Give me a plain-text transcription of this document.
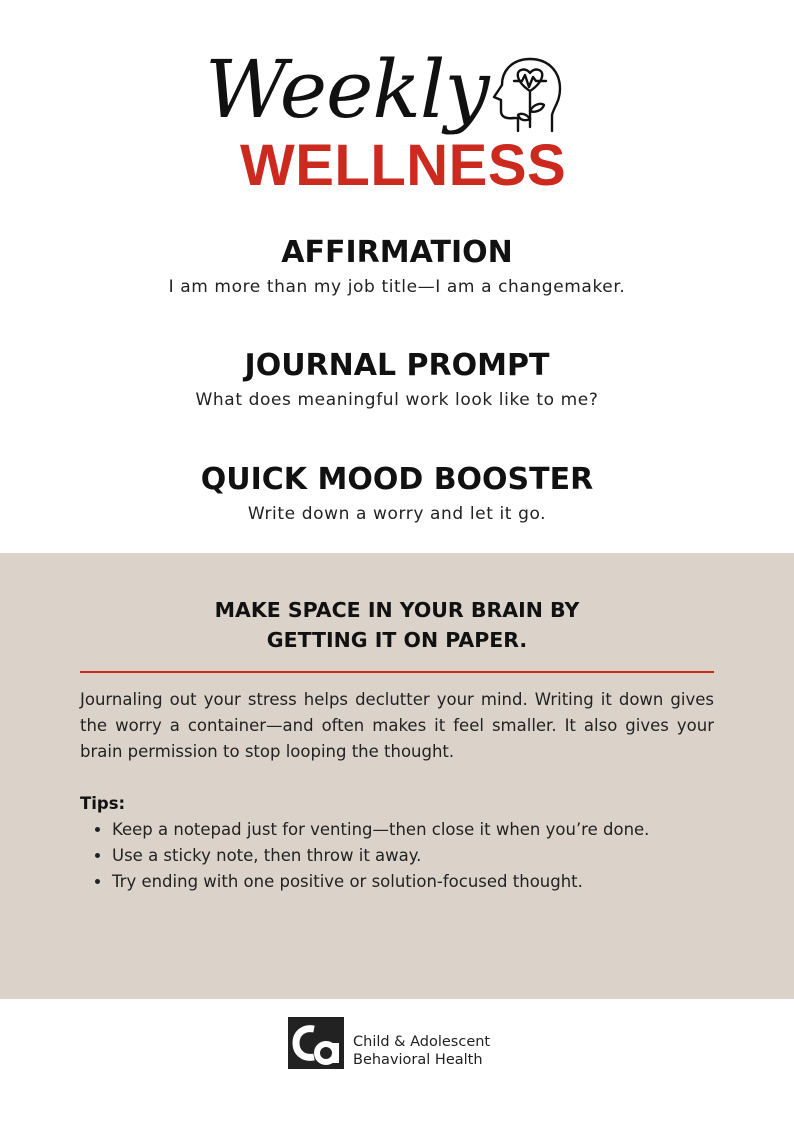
Weekly
WELLNESS
AFFIRMATION

I am more than my job title—I am a changemaker.

JOURNAL PROMPT

What does meaningful work look like to me?

QUICK MOOD BOOSTER

Write down a worry and let it go.

MAKE SPACE IN YOUR BRAIN BY
GETTING IT ON PAPER.

Journaling out your stress helps declutter your mind. Writing it down gives the worry a container—and often makes it feel smaller. It also gives your brain permission to stop looping the thought.

Tips:

• Keep a notepad just for venting—then close it when you’re done.
• Use a sticky note, then throw it away.
• Try ending with one positive or solution-focused thought.
Child & Adolescent
Behavioral Health
